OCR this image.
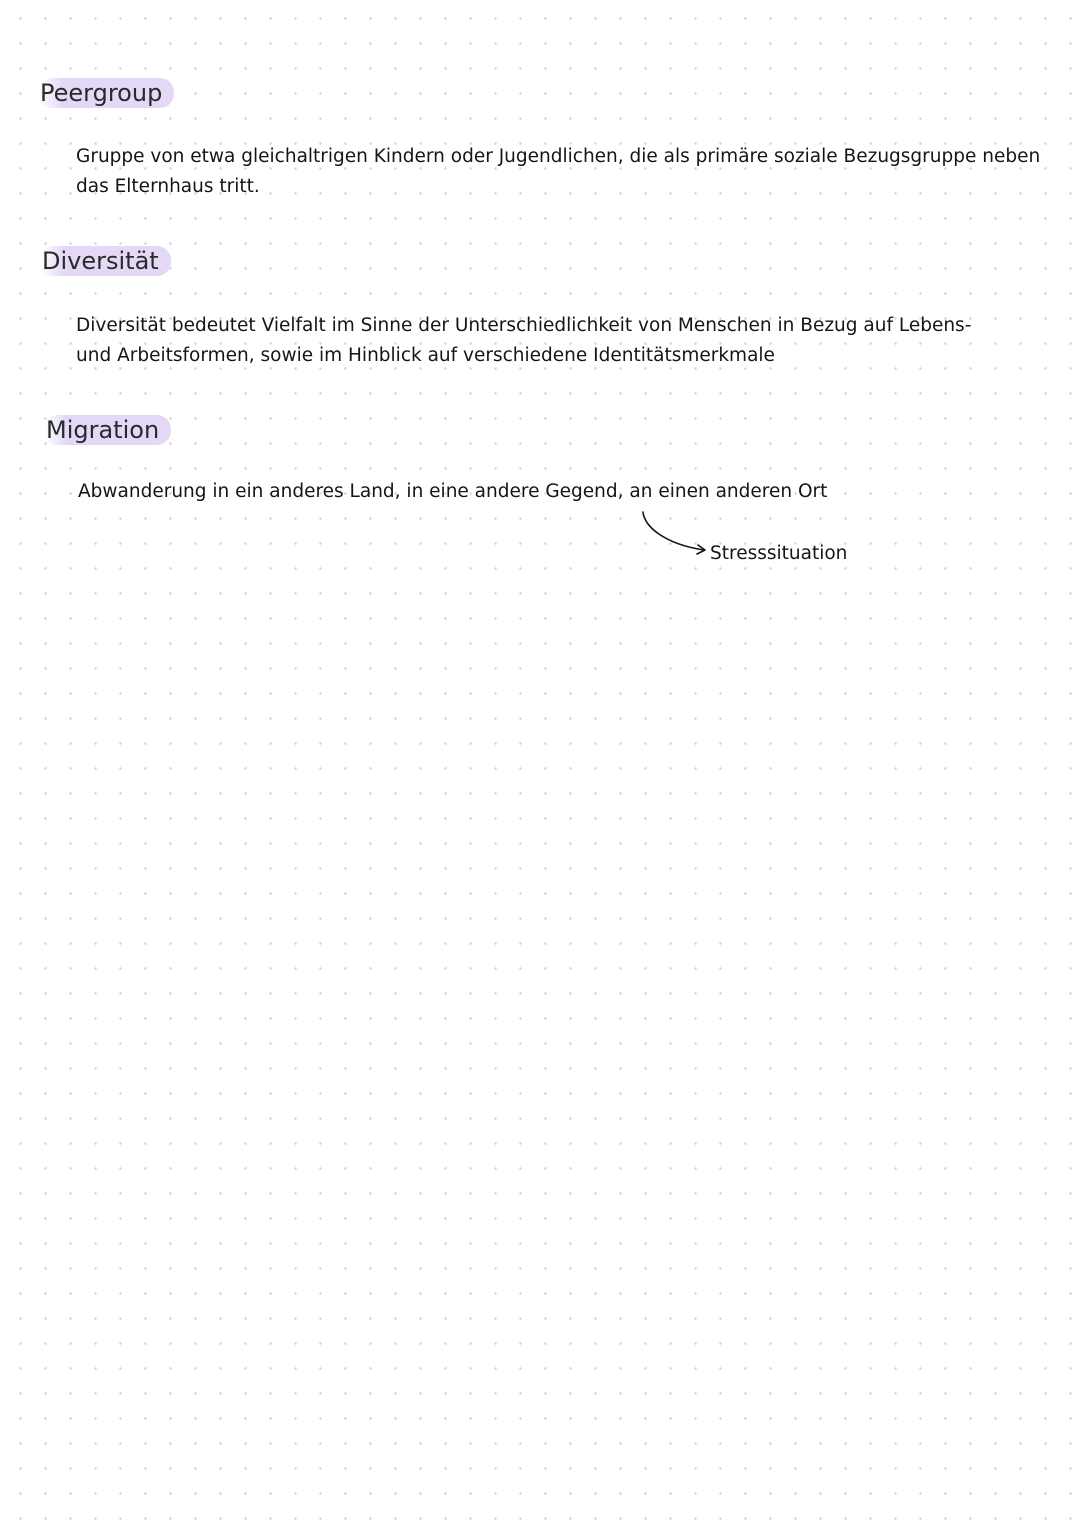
Peergroup

Gruppe von etwa gleichaltrigen Kindern oder Jugendlichen, die als primäre soziale Bezugsgruppe neben das Elternhaus tritt.

Diversität

Diversität bedeutet Vielfalt im Sinne der Unterschiedlichkeit von Menschen in Bezug auf Lebens- und Arbeitsformen, sowie im Hinblick auf verschiedene Identitätsmerkmale

Migration

Abwanderung in ein anderes Land, in eine andere Gegend, an einen anderen Ort

Stresssituation
